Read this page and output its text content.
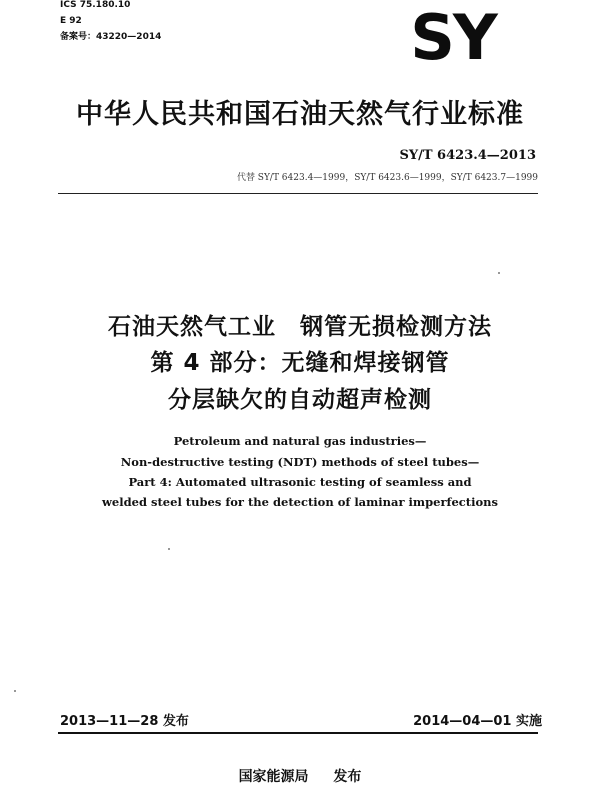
ICS 75.180.10
E 92
备案号：43220—2014	SY
中华人民共和国石油天然气行业标准
SY/T 6423.4—2013
代替 SY/T 6423.4—1999，SY/T 6423.6—1999，SY/T 6423.7—1999
石油天然气工业　钢管无损检测方法
第 4 部分：无缝和焊接钢管
分层缺欠的自动超声检测
Petroleum and natural gas industries—
Non-destructive testing (NDT) methods of steel tubes—
Part 4: Automated ultrasonic testing of seamless and
welded steel tubes for the detection of laminar imperfections
2013—11—28 发布	2014—04—01 实施
国家能源局 发布
